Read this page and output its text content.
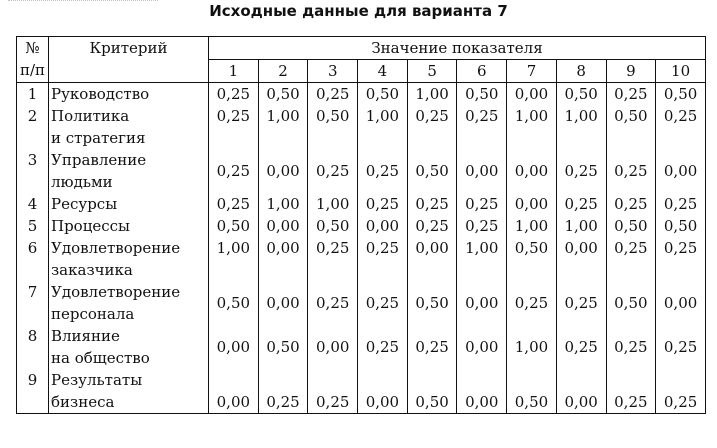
Исходные данные для варианта 7
№
п/п	Критерий	Значение показателя									
		1	2	3	4	5	6	7	8	9	10
1	Руководство	0,25	0,50	0,25	0,50	1,00	0,50	0,00	0,50	0,25	0,50
2	Политика
и стратегия	0,25	1,00	0,50	1,00	0,25	0,25	1,00	1,00	0,50	0,25
3	Управление
людьми	0,25	0,00	0,25	0,25	0,50	0,00	0,00	0,25	0,25	0,00
4	Ресурсы	0,25	1,00	1,00	0,25	0,25	0,25	0,00	0,25	0,25	0,25
5	Процессы	0,50	0,00	0,50	0,00	0,25	0,25	1,00	1,00	0,50	0,50
6	Удовлетворение
заказчика	1,00	0,00	0,25	0,25	0,00	1,00	0,50	0,00	0,25	0,25
7	Удовлетворение
персонала	0,50	0,00	0,25	0,25	0,50	0,00	0,25	0,25	0,50	0,00
8	Влияние
на общество	0,00	0,50	0,00	0,25	0,25	0,00	1,00	0,25	0,25	0,25
9	Результаты
бизнеса	0,00	0,25	0,25	0,00	0,50	0,00	0,50	0,00	0,25	0,25
